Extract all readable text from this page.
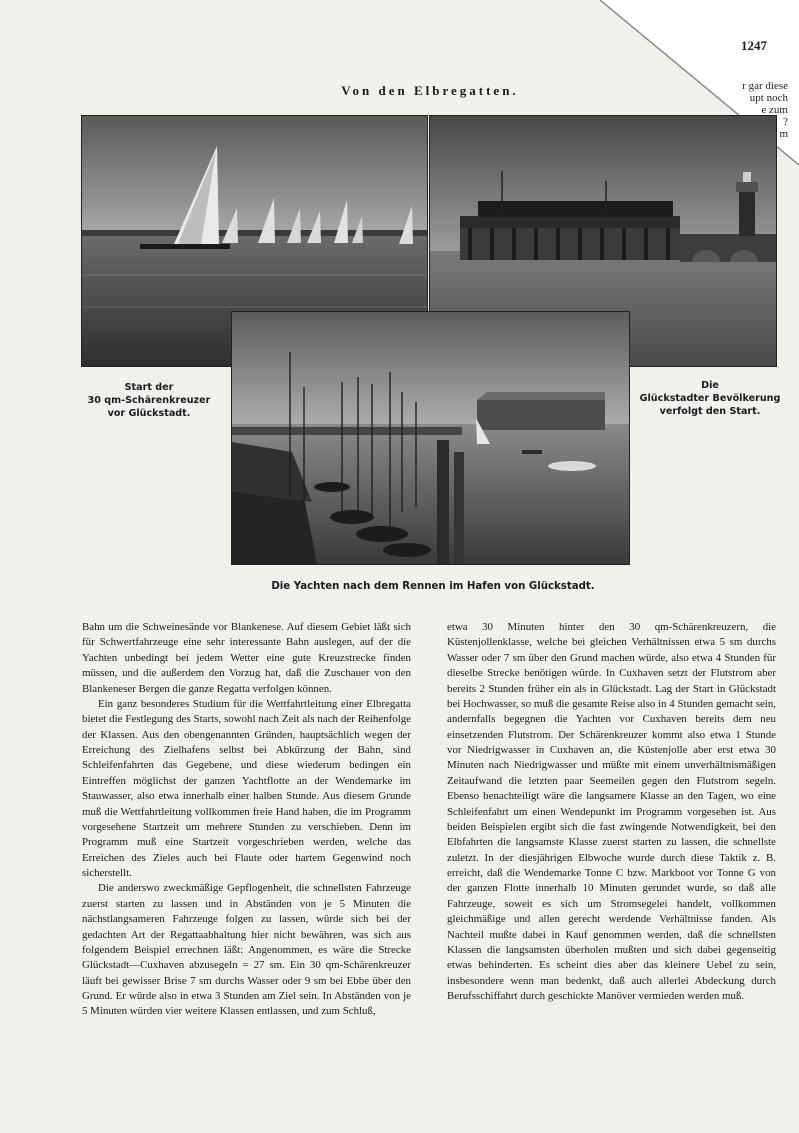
1247
Von den Elbregatten.	r gar diese
upt noch
e zum
?
m
Start der
30 qm-Schärenkreuzer
vor Glückstadt.
Die
Glückstadter Bevölkerung
verfolgt den Start.
Die Yachten nach dem Rennen im Hafen von Glückstadt.

Bahn um die Schweinesände vor Blankenese. Auf diesem Gebiet läßt sich für Schwertfahrzeuge eine sehr interessante Bahn auslegen, auf der die Yachten unbedingt bei jedem Wetter eine gute Kreuzstrecke finden müssen, und die außerdem den Vorzug hat, daß die Zuschauer von den Blankeneser Bergen die ganze Regatta verfolgen können.

Ein ganz besonderes Studium für die Wettfahrtleitung einer Elbregatta bietet die Festlegung des Starts, sowohl nach Zeit als nach der Reihenfolge der Klassen. Aus den obengenannten Gründen, hauptsächlich wegen der Erreichung des Zielhafens selbst bei Abkürzung der Bahn, sind Schleifenfahrten das Gegebene, und diese wiederum bedingen ein Eintreffen möglichst der ganzen Yachtflotte an der Wendemarke im Stauwasser, also etwa innerhalb einer halben Stunde. Aus diesem Grunde muß die Wettfahrtleitung vollkommen freie Hand haben, die im Programm vorgesehene Startzeit um mehrere Stunden zu verschieben. Denn im Programm muß eine Startzeit vorgeschrieben werden, welche das Erreichen des Zieles auch bei Flaute oder hartem Gegenwind noch sicherstellt.

Die anderswo zweckmäßige Gepflogenheit, die schnellsten Fahrzeuge zuerst starten zu lassen und in Abständen von je 5 Minuten die nächstlangsameren Fahrzeuge folgen zu lassen, würde sich bei der gedachten Art der Regattaabhaltung hier nicht bewähren, was sich aus folgendem Beispiel errechnen läßt: Angenommen, es wäre die Strecke Glückstadt—Cuxhaven abzusegeln = 27 sm. Ein 30 qm-Schärenkreuzer läuft bei gewisser Brise 7 sm durchs Wasser oder 9 sm bei Ebbe über den Grund. Er würde also in etwa 3 Stunden am Ziel sein. In Abständen von je 5 Minuten würden vier weitere Klassen entlassen, und zum Schluß,

etwa 30 Minuten hinter den 30 qm-Schärenkreuzern, die Küstenjollenklasse, welche bei gleichen Verhältnissen etwa 5 sm durchs Wasser oder 7 sm über den Grund machen würde, also etwa 4 Stunden für dieselbe Strecke benötigen würde. In Cuxhaven setzt der Flutstrom aber bereits 2 Stunden früher ein als in Glückstadt. Lag der Start in Glückstadt bei Hochwasser, so muß die gesamte Reise also in 4 Stunden gemacht sein, andernfalls begegnen die Yachten vor Cuxhaven bereits dem neu einsetzenden Flutstrom. Der Schärenkreuzer kommt also etwa 1 Stunde vor Niedrigwasser in Cuxhaven an, die Küstenjolle aber erst etwa 30 Minuten nach Niedrigwasser und müßte mit einem unverhältnismäßigen Zeitaufwand die letzten paar Seemeilen gegen den Flutstrom segeln. Ebenso benachteiligt wäre die langsamere Klasse an den Tagen, wo eine Schleifenfahrt um einen Wendepunkt im Programm vorgesehen ist. Aus beiden Beispielen ergibt sich die fast zwingende Notwendigkeit, bei den Elbfahrten die langsamste Klasse zuerst starten zu lassen, die schnellste zuletzt. In der diesjährigen Elbwoche wurde durch diese Taktik z. B. erreicht, daß die Wendemarke Tonne C bzw. Markboot vor Tonne G von der ganzen Flotte innerhalb 10 Minuten gerundet wurde, so daß alle Fahrzeuge, soweit es sich um Stromsegelei handelt, vollkommen gleichmäßige und allen gerecht werdende Verhältnisse fanden. Als Nachteil mußte dabei in Kauf genommen werden, daß die schnellsten Klassen die langsamsten überholen mußten und sich dabei gegenseitig etwas behinderten. Es scheint dies aber das kleinere Uebel zu sein, insbesondere wenn man bedenkt, daß auch allerlei Abdeckung durch Berufsschiffahrt durch geschickte Manöver vermieden werden muß.
